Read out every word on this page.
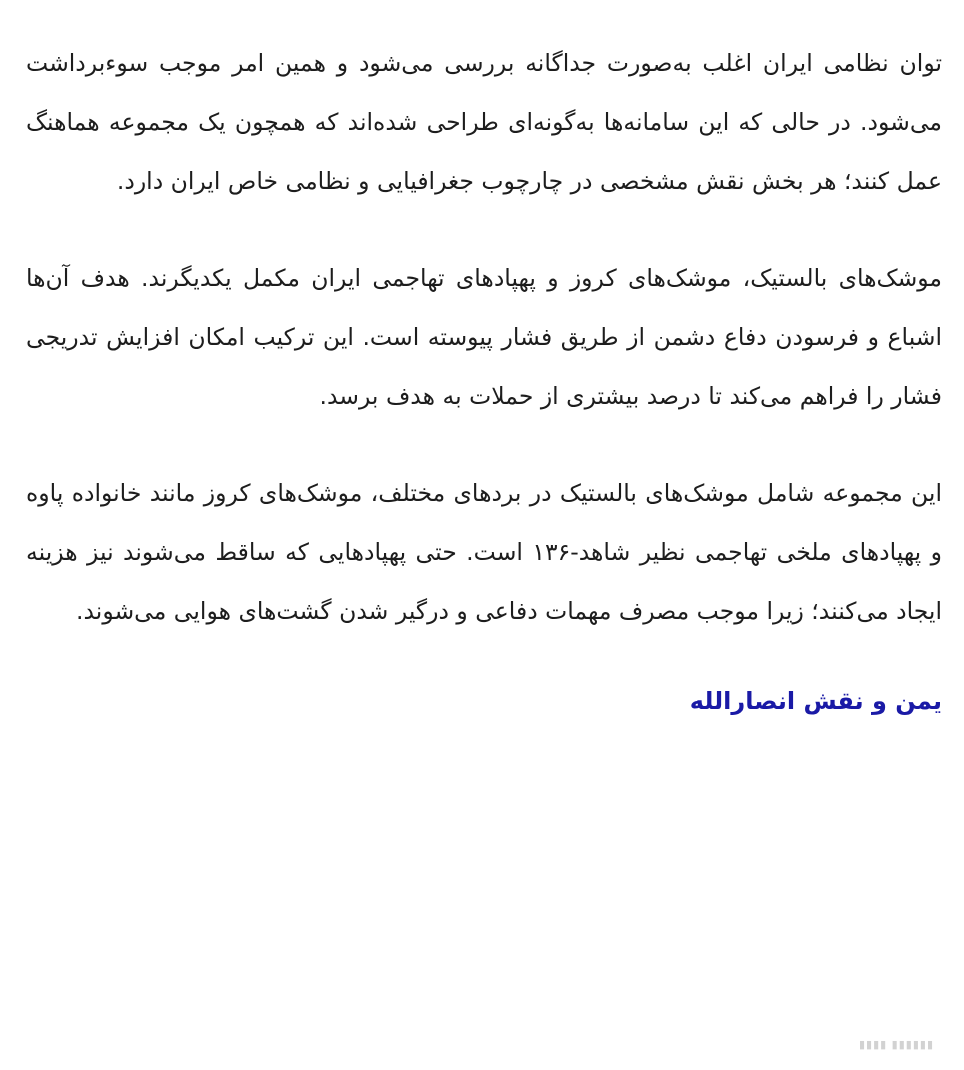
توان نظامی ایران اغلب به‌صورت جداگانه بررسی می‌شود و همین امر موجب سوءبرداشت می‌شود. در حالی که این سامانه‌ها به‌گونه‌ای طراحی شده‌اند که همچون یک مجموعه هماهنگ عمل کنند؛ هر بخش نقش مشخصی در چارچوب جغرافیایی و نظامی خاص ایران دارد.

موشک‌های بالستیک، موشک‌های کروز و پهپادهای تهاجمی ایران مکمل یکدیگرند. هدف آن‌ها اشباع و فرسودن دفاع دشمن از طریق فشار پیوسته است. این ترکیب امکان افزایش تدریجی فشار را فراهم می‌کند تا درصد بیشتری از حملات به هدف برسد.

این مجموعه شامل موشک‌های بالستیک در بردهای مختلف، موشک‌های کروز مانند خانواده پاوه و پهپادهای ملخی تهاجمی نظیر شاهد-۱۳۶ است. حتی پهپادهایی که ساقط می‌شوند نیز هزینه ایجاد می‌کنند؛ زیرا موجب مصرف مهمات دفاعی و درگیر شدن گشت‌های هوایی می‌شوند.

یمن و نقش انصارالله
▮▮▮▮ ▮▮▮▮▮▮
